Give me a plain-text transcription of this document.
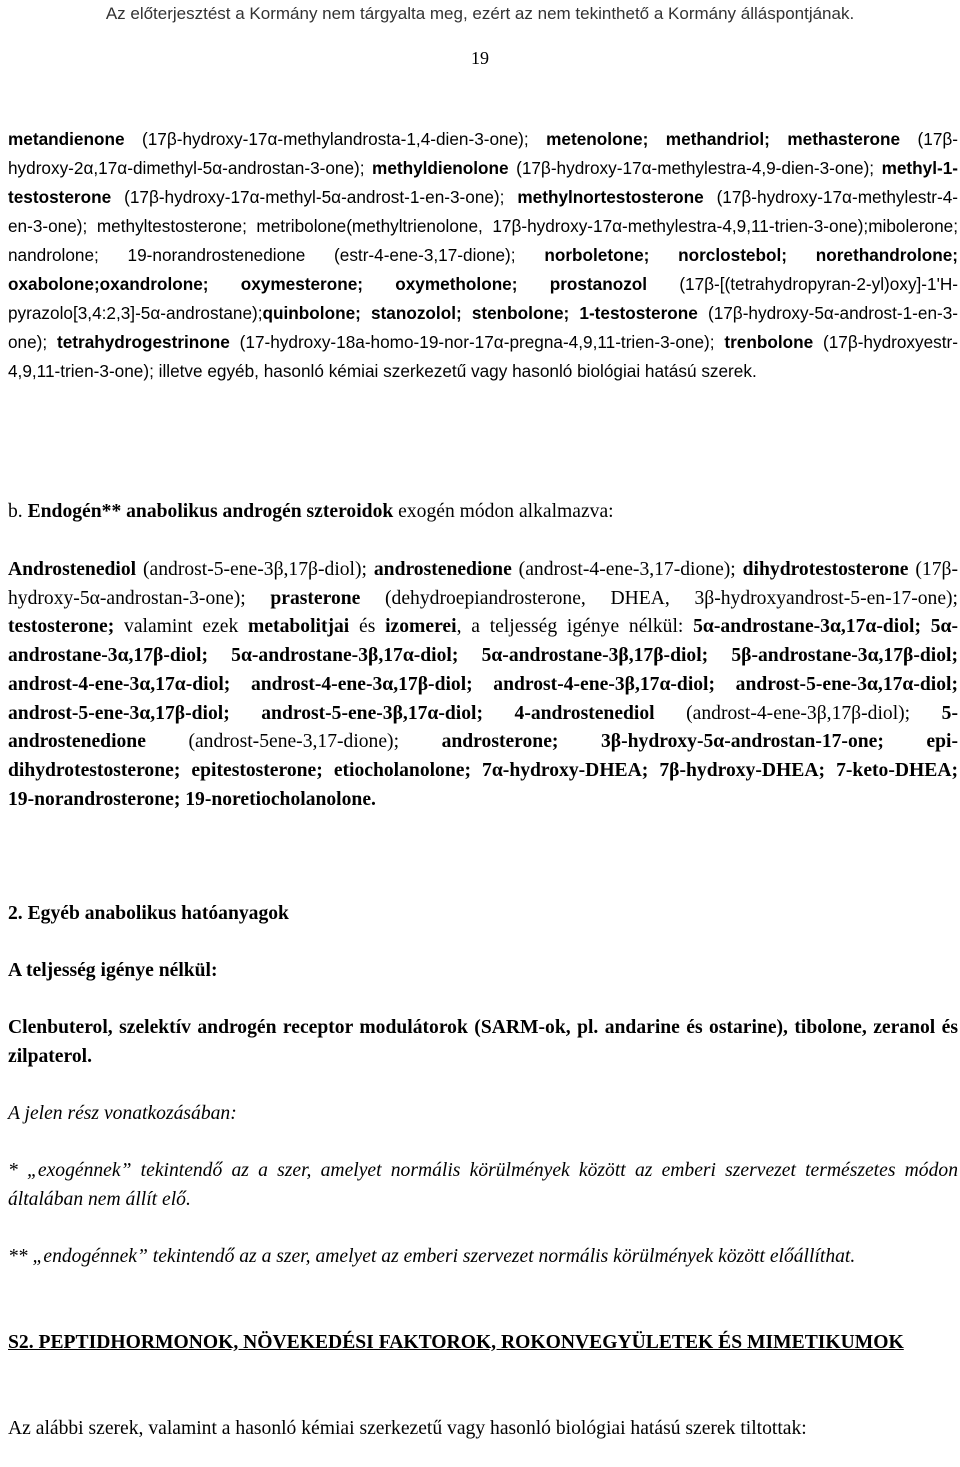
Az előterjesztést a Kormány nem tárgyalta meg, ezért az nem tekinthető a Kormány álláspontjának.
19

metandienone (17β-hydroxy-17α-methylandrosta-1,4-dien-3-one); metenolone; methandriol; methasterone (17β-hydroxy-2α,17α-dimethyl-5α-androstan-3-one); methyldienolone (17β-hydroxy-17α-methylestra-4,9-dien-3-one); methyl-1-testosterone (17β-hydroxy-17α-methyl-5α-androst-1-en-3-one); methylnortestosterone (17β-hydroxy-17α-methylestr-4-en-3-one); methyltestosterone; metribolone(methyltrienolone, 17β-hydroxy-17α-methylestra-4,9,11-trien-3-one);mibolerone; nandrolone; 19-norandrostenedione (estr-4-ene-3,17-dione); norboletone; norclostebol; norethandrolone; oxabolone;oxandrolone; oxymesterone; oxymetholone; prostanozol (17β-[(tetrahydropyran-2-yl)oxy]-1'H-pyrazolo[3,4:2,3]-5α-androstane);quinbolone; stanozolol; stenbolone; 1-testosterone (17β-hydroxy-5α-androst-1-en-3-one); tetrahydrogestrinone (17-hydroxy-18a-homo-19-nor-17α-pregna-4,9,11-trien-3-one); trenbolone (17β-hydroxyestr-4,9,11-trien-3-one); illetve egyéb, hasonló kémiai szerkezetű vagy hasonló biológiai hatású szerek.

b. Endogén** anabolikus androgén szteroidok exogén módon alkalmazva:

Androstenediol (androst-5-ene-3β,17β-diol); androstenedione (androst-4-ene-3,17-dione); dihydrotestosterone (17β-hydroxy-5α-androstan-3-one); prasterone (dehydroepiandrosterone, DHEA, 3β-hydroxyandrost-5-en-17-one); testosterone; valamint ezek metabolitjai és izomerei, a teljesség igénye nélkül: 5α-androstane-3α,17α-diol; 5α-androstane-3α,17β-diol; 5α-androstane-3β,17α-diol; 5α-androstane-3β,17β-diol; 5β-androstane-3α,17β-diol; androst-4-ene-3α,17α-diol; androst-4-ene-3α,17β-diol; androst-4-ene-3β,17α-diol; androst-5-ene-3α,17α-diol; androst-5-ene-3α,17β-diol; androst-5-ene-3β,17α-diol; 4-androstenediol (androst-4-ene-3β,17β-diol); 5-androstenedione (androst-5ene-3,17-dione); androsterone; 3β-hydroxy-5α-androstan-17-one; epi-dihydrotestosterone; epitestosterone; etiocholanolone; 7α-hydroxy-DHEA; 7β-hydroxy-DHEA; 7-keto-DHEA; 19-norandrosterone; 19-noretiocholanolone.

2. Egyéb anabolikus hatóanyagok

A teljesség igénye nélkül:

Clenbuterol, szelektív androgén receptor modulátorok (SARM-ok, pl. andarine és ostarine), tibolone, zeranol és zilpaterol.

A jelen rész vonatkozásában:

* „exogénnek” tekintendő az a szer, amelyet normális körülmények között az emberi szervezet természetes módon általában nem állít elő.

** „endogénnek” tekintendő az a szer, amelyet az emberi szervezet normális körülmények között előállíthat.

S2. PEPTIDHORMONOK, NÖVEKEDÉSI FAKTOROK, ROKONVEGYÜLETEK ÉS MIMETIKUMOK

Az alábbi szerek, valamint a hasonló kémiai szerkezetű vagy hasonló biológiai hatású szerek tiltottak:
